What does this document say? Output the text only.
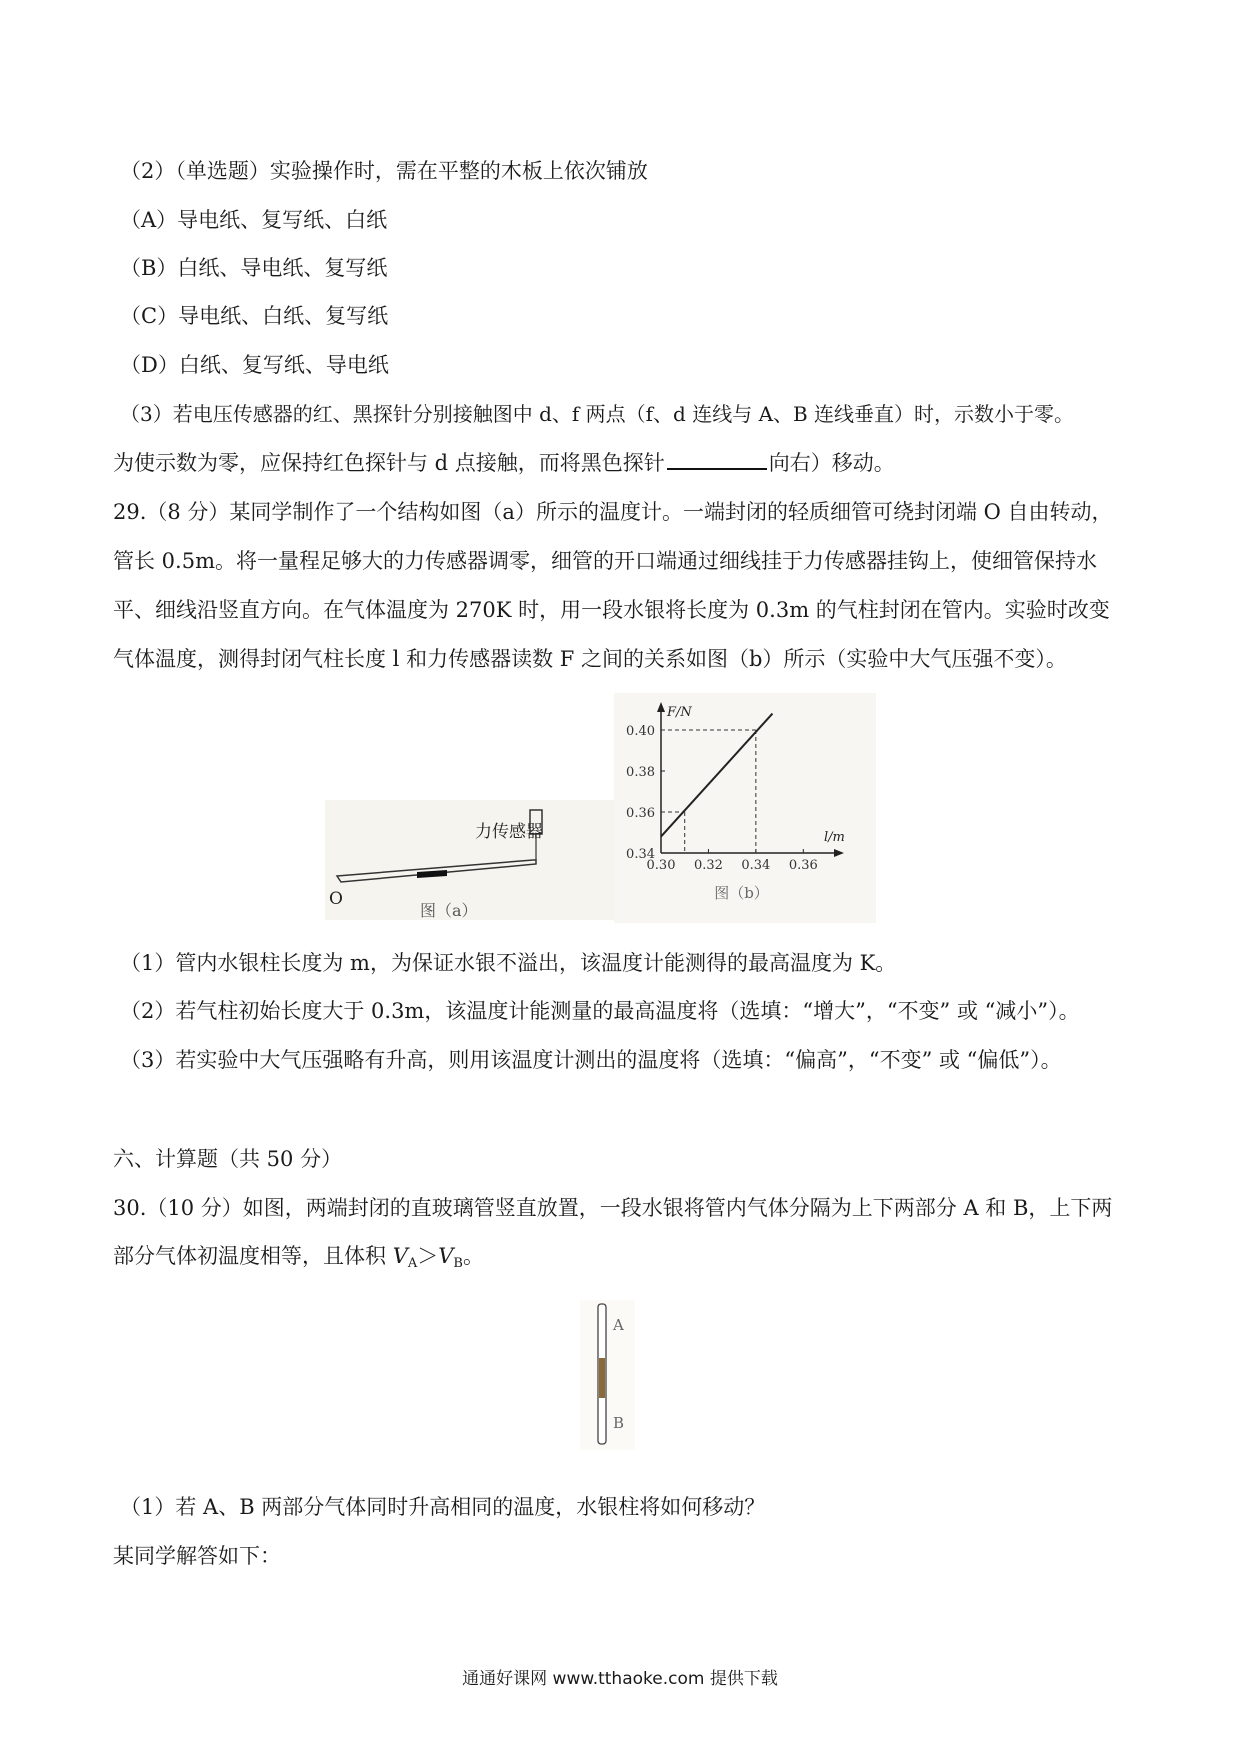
（2）（单选题）实验操作时，需在平整的木板上依次铺放
（A）导电纸、复写纸、白纸
（B）白纸、导电纸、复写纸
（C）导电纸、白纸、复写纸
（D）白纸、复写纸、导电纸
（3）若电压传感器的红、黑探针分别接触图中 d、f 两点（f、d 连线与 A、B 连线垂直）时，示数小于零。
为使示数为零，应保持红色探针与 d 点接触，而将黑色探针	向右）移动。
29.（8 分）某同学制作了一个结构如图（a）所示的温度计。一端封闭的轻质细管可绕封闭端 O 自由转动，
管长 0.5m。将一量程足够大的力传感器调零，细管的开口端通过细线挂于力传感器挂钩上，使细管保持水
平、细线沿竖直方向。在气体温度为 270K 时，用一段水银将长度为 0.3m 的气柱封闭在管内。实验时改变
气体温度，测得封闭气柱长度 l 和力传感器读数 F 之间的关系如图（b）所示（实验中大气压强不变）。
力传感器
O
图（a）
F/N
l/m
0.34
0.36
0.38
0.40
0.30 0.32 0.34 0.36
图（b）
（1）管内水银柱长度为 m，为保证水银不溢出，该温度计能测得的最高温度为 K。
（2）若气柱初始长度大于 0.3m，该温度计能测量的最高温度将（选填：“增大”，“不变” 或 “减小”）。
（3）若实验中大气压强略有升高，则用该温度计测出的温度将（选填：“偏高”，“不变” 或 “偏低”）。
六、计算题（共 50 分）
30.（10 分）如图，两端封闭的直玻璃管竖直放置，一段水银将管内气体分隔为上下两部分 A 和 B，上下两
部分气体初温度相等，且体积 $V_A>V_B$。
A
B
（1）若 A、B 两部分气体同时升高相同的温度，水银柱将如何移动？
某同学解答如下：
通通好课网 www.tthaoke.com 提供下载
